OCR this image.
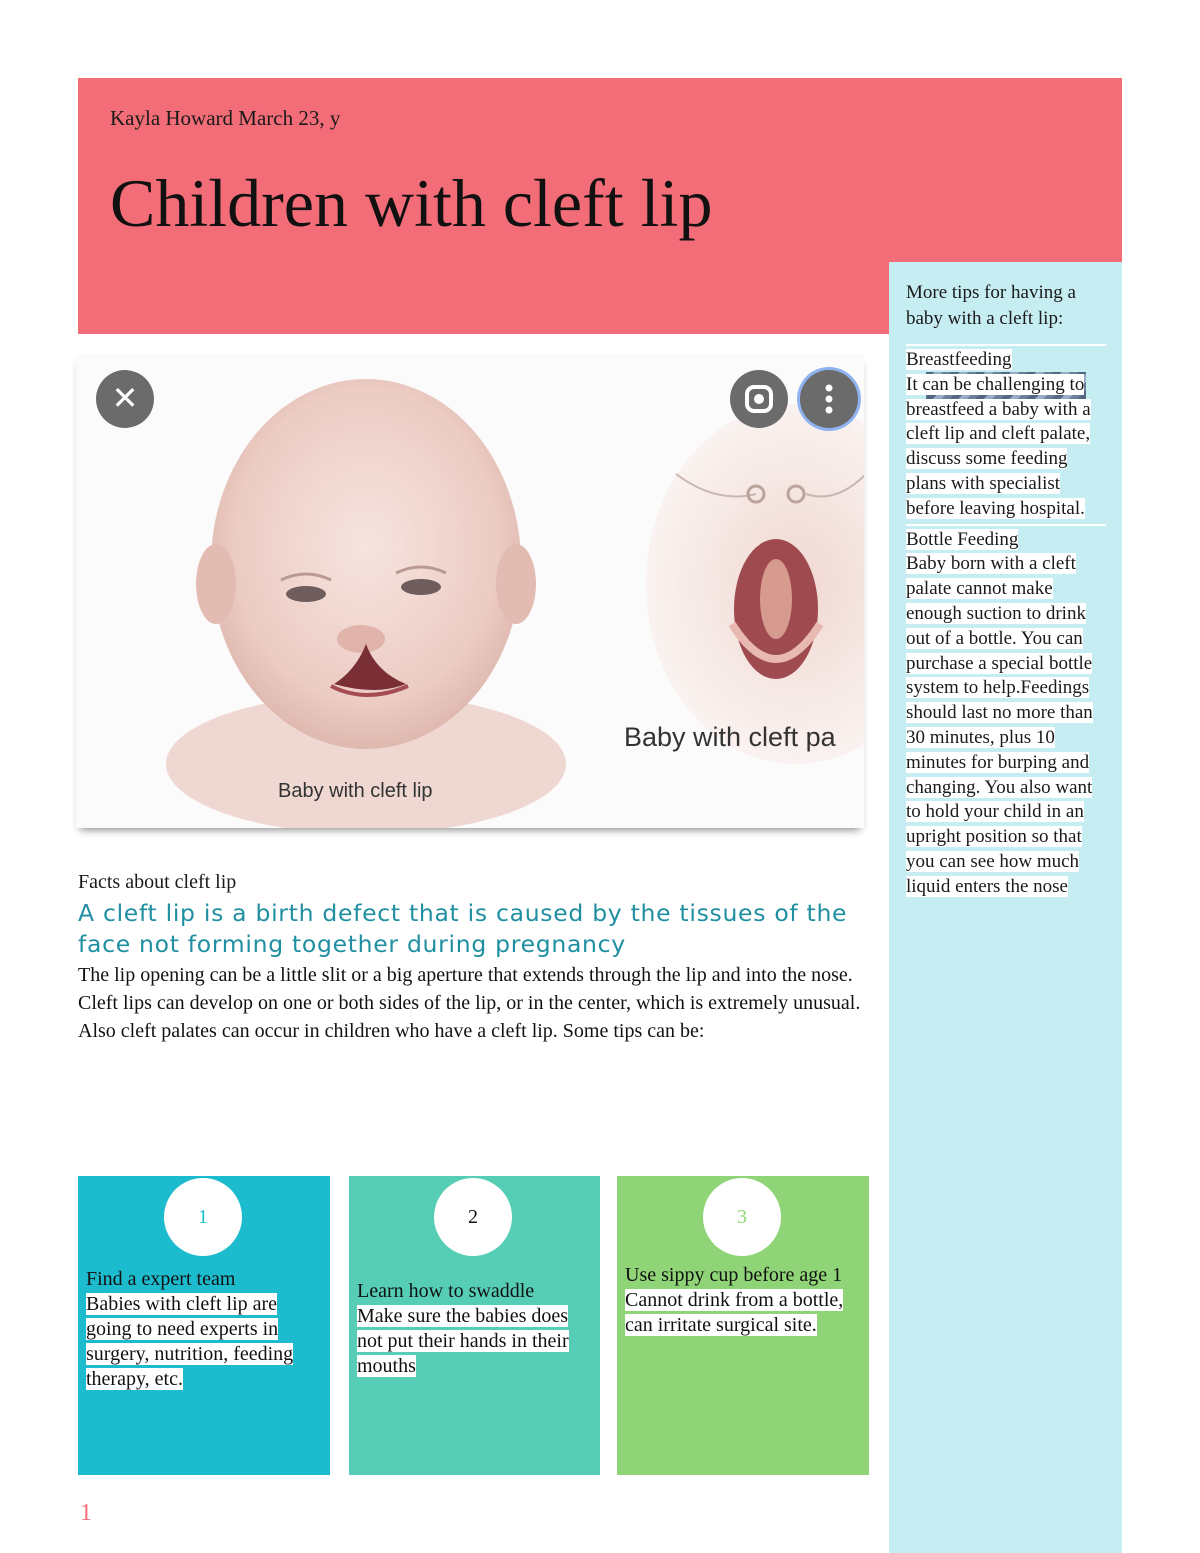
Kayla Howard March 23, y
Children with cleft lip

More tips for having a baby with a cleft lip:

Breastfeeding

It can be challenging to breastfeed a baby with a cleft lip and cleft palate, discuss some feeding plans with specialist before leaving hospital.

Bottle Feeding

Baby born with a cleft palate cannot make enough suction to drink out of a bottle. You can purchase a special bottle system to help.Feedings should last no more than 30 minutes, plus 10 minutes for burping and changing. You also want to hold your child in an upright position so that you can see how much liquid enters the nose

✕
Baby with cleft lip
Baby with cleft pa
Facts about cleft lip
A cleft lip is a birth defect that is caused by the tissues of the face not forming together during pregnancy

The lip opening can be a little slit or a big aperture that extends through the lip and into the nose. Cleft lips can develop on one or both sides of the lip, or in the center, which is extremely unusual. Also cleft palates can occur in children who have a cleft lip. Some tips can be:

1
Find a expert team
Babies with cleft lip are going to need experts in surgery, nutrition, feeding therapy, etc.
2
Learn how to swaddle
Make sure the babies does not put their hands in their mouths
3
Use sippy cup before age 1
Cannot drink from a bottle, can irritate surgical site.
1
